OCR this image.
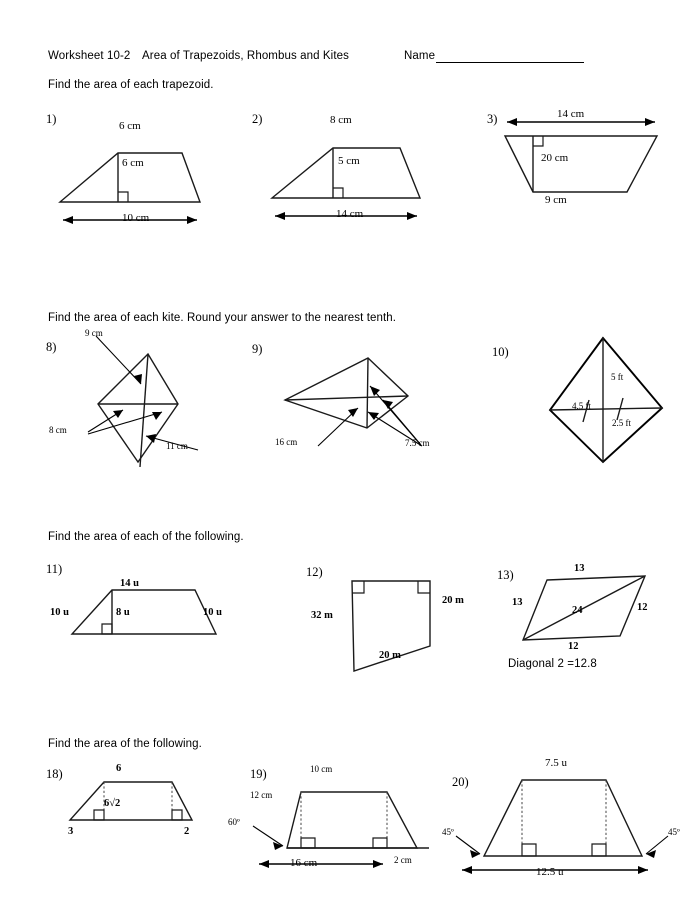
Worksheet 10-2 Area of Trapezoids, Rhombus and Kites	Name
Find the area of each trapezoid.
1)	6 cm
6 cm
10 cm
2)	8 cm
5 cm
14 cm
3)	14 cm
20 cm
9 cm
Find the area of each kite. Round your answer to the nearest tenth.
8)
9 cm
8 cm
11 cm
9)
16 cm	7.5 cm
10)
5 ft
4.5 ft
2.5 ft
Find the area of each of the following.
11)
14 u
8 u
10 u	10 u
12)
20 m
32 m
20 m
13)	13
13	12
24
12
Diagonal 2 =12.8
Find the area of the following.
18)	6
6√2
3	2
19)	10 cm
12 cm
60º
16 cm	2 cm
20)
7.5 u
45º	45º
12.5 u
